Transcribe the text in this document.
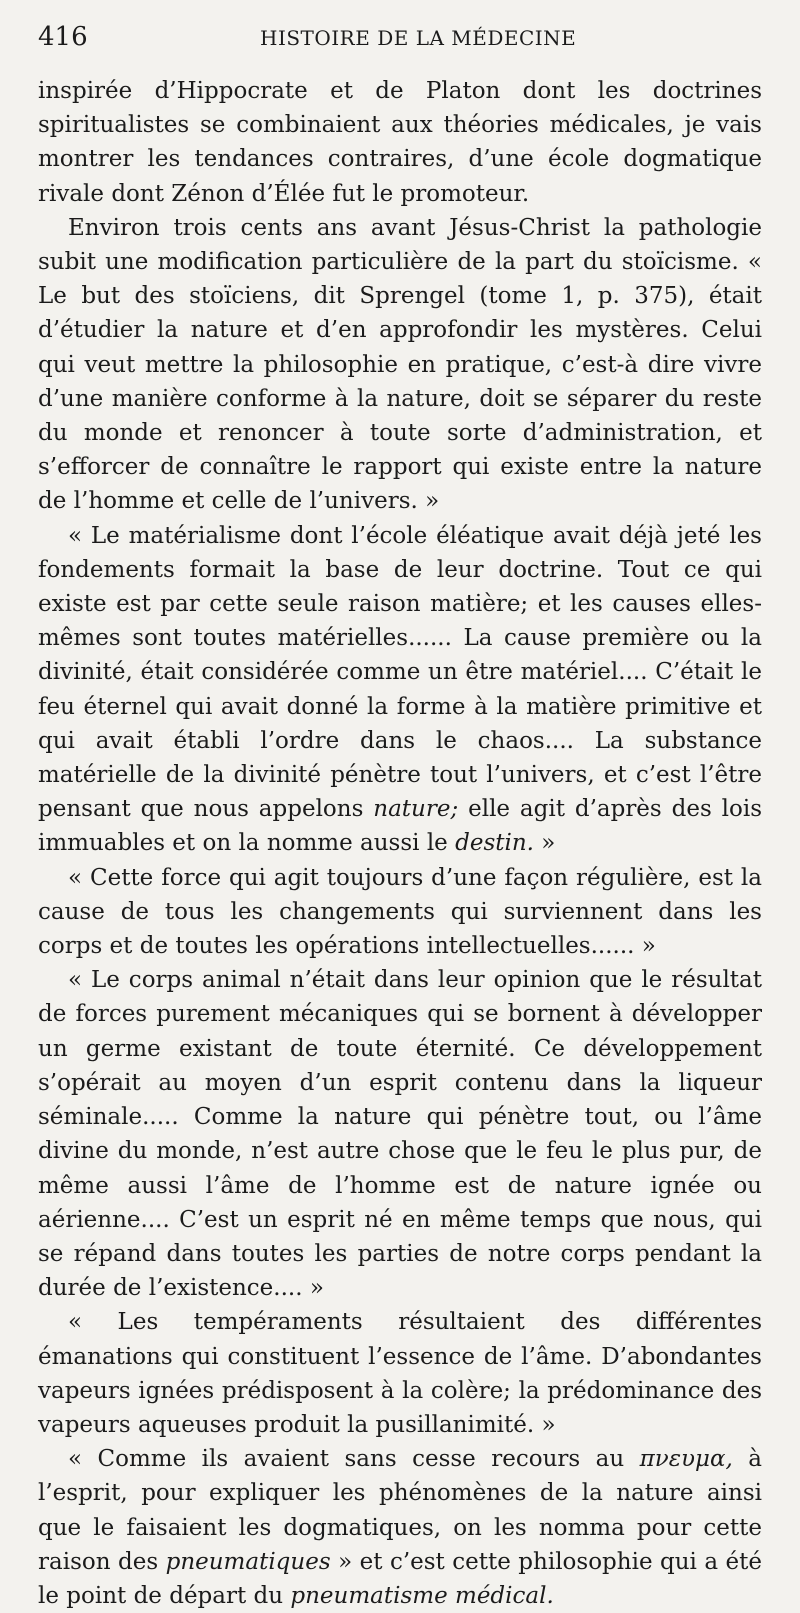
416	HISTOIRE DE LA MÉDECINE

inspirée d’Hippocrate et de Platon dont les doctrines spiritualistes se combinaient aux théories médicales, je vais montrer les tendances contraires, d’une école dogmatique rivale dont Zénon d’Élée fut le promoteur.

Environ trois cents ans avant Jésus-Christ la pathologie subit une modification particulière de la part du stoïcisme. « Le but des stoïciens, dit Sprengel (tome 1, p. 375), était d’étudier la nature et d’en approfondir les mystères. Celui qui veut mettre la philosophie en pratique, c’est-à dire vivre d’une manière conforme à la nature, doit se séparer du reste du monde et renoncer à toute sorte d’administration, et s’efforcer de connaître le rapport qui existe entre la nature de l’homme et celle de l’univers. »

« Le matérialisme dont l’école éléatique avait déjà jeté les fondements formait la base de leur doctrine. Tout ce qui existe est par cette seule raison matière; et les causes elles-mêmes sont toutes matérielles...... La cause première ou la divinité, était considérée comme un être matériel.... C’était le feu éternel qui avait donné la forme à la matière primitive et qui avait établi l’ordre dans le chaos.... La substance matérielle de la divinité pénètre tout l’univers, et c’est l’être pensant que nous appelons nature; elle agit d’après des lois immuables et on la nomme aussi le destin. »

« Cette force qui agit toujours d’une façon régulière, est la cause de tous les changements qui surviennent dans les corps et de toutes les opérations intellectuelles...... »

« Le corps animal n’était dans leur opinion que le résultat de forces purement mécaniques qui se bornent à développer un germe existant de toute éternité. Ce développement s’opérait au moyen d’un esprit contenu dans la liqueur séminale..... Comme la nature qui pénètre tout, ou l’âme divine du monde, n’est autre chose que le feu le plus pur, de même aussi l’âme de l’homme est de nature ignée ou aérienne.... C’est un esprit né en même temps que nous, qui se répand dans toutes les parties de notre corps pendant la durée de l’existence.... »

« Les tempéraments résultaient des différentes émanations qui constituent l’essence de l’âme. D’abondantes vapeurs ignées prédisposent à la colère; la prédominance des vapeurs aqueuses produit la pusillanimité. »

« Comme ils avaient sans cesse recours au πνευμα, à l’esprit, pour expliquer les phénomènes de la nature ainsi que le faisaient les dogmatiques, on les nomma pour cette raison des pneumatiques » et c’est cette philosophie qui a été le point de départ du pneumatisme médical.
